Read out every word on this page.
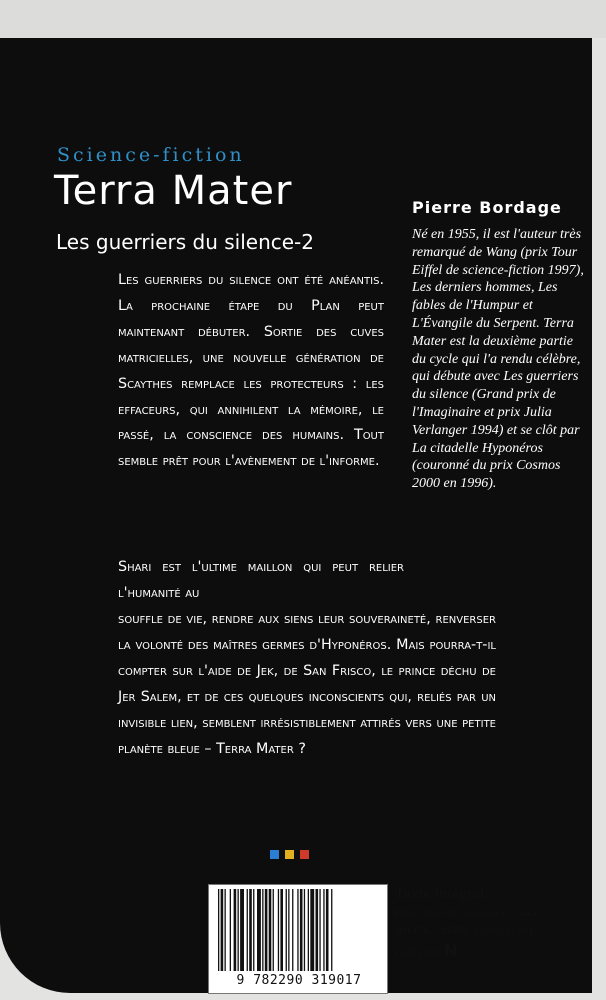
Science-fiction
Terra Mater
Les guerriers du silence-2
Pierre Bordage
Né en 1955, il est l'auteur très remarqué de Wang (prix Tour Eiffel de science-fiction 1997), Les derniers hommes, Les fables de l'Humpur et L'Évangile du Serpent. Terra Mater est la deuxième partie du cycle qui l'a rendu célèbre, qui débute avec Les guerriers du silence (Grand prix de l'Imaginaire et prix Julia Verlanger 1994) et se clôt par La citadelle Hyponéros (couronné du prix Cosmos 2000 en 1996).
Les guerriers du silence ont été anéantis. La prochaine étape du Plan peut maintenant débuter. Sortie des cuves matricielles, une nouvelle génération de Scaythes remplace les protecteurs : les effaceurs, qui annihilent la mémoire, le passé, la conscience des humains. Tout semble prêt pour l'avènement de l'informe.
Shari est l'ultime maillon qui peut relier l'humanité au
souffle de vie, rendre aux siens leur souveraineté, renverser la volonté des maîtres germes d'Hyponéros. Mais pourra-t-il compter sur l'aide de Jek, de San Frisco, le prince déchu de Jer Salem, et de ces quelques inconscients qui, reliés par un invisible lien, semblent irrésistiblement attirés vers une petite planète bleue – Terra Mater ?
9 782290 319017
Texte intégral
Illustration de couverture : Caza
J01476 ISBN 2-290-31901-5
Catégorie N
